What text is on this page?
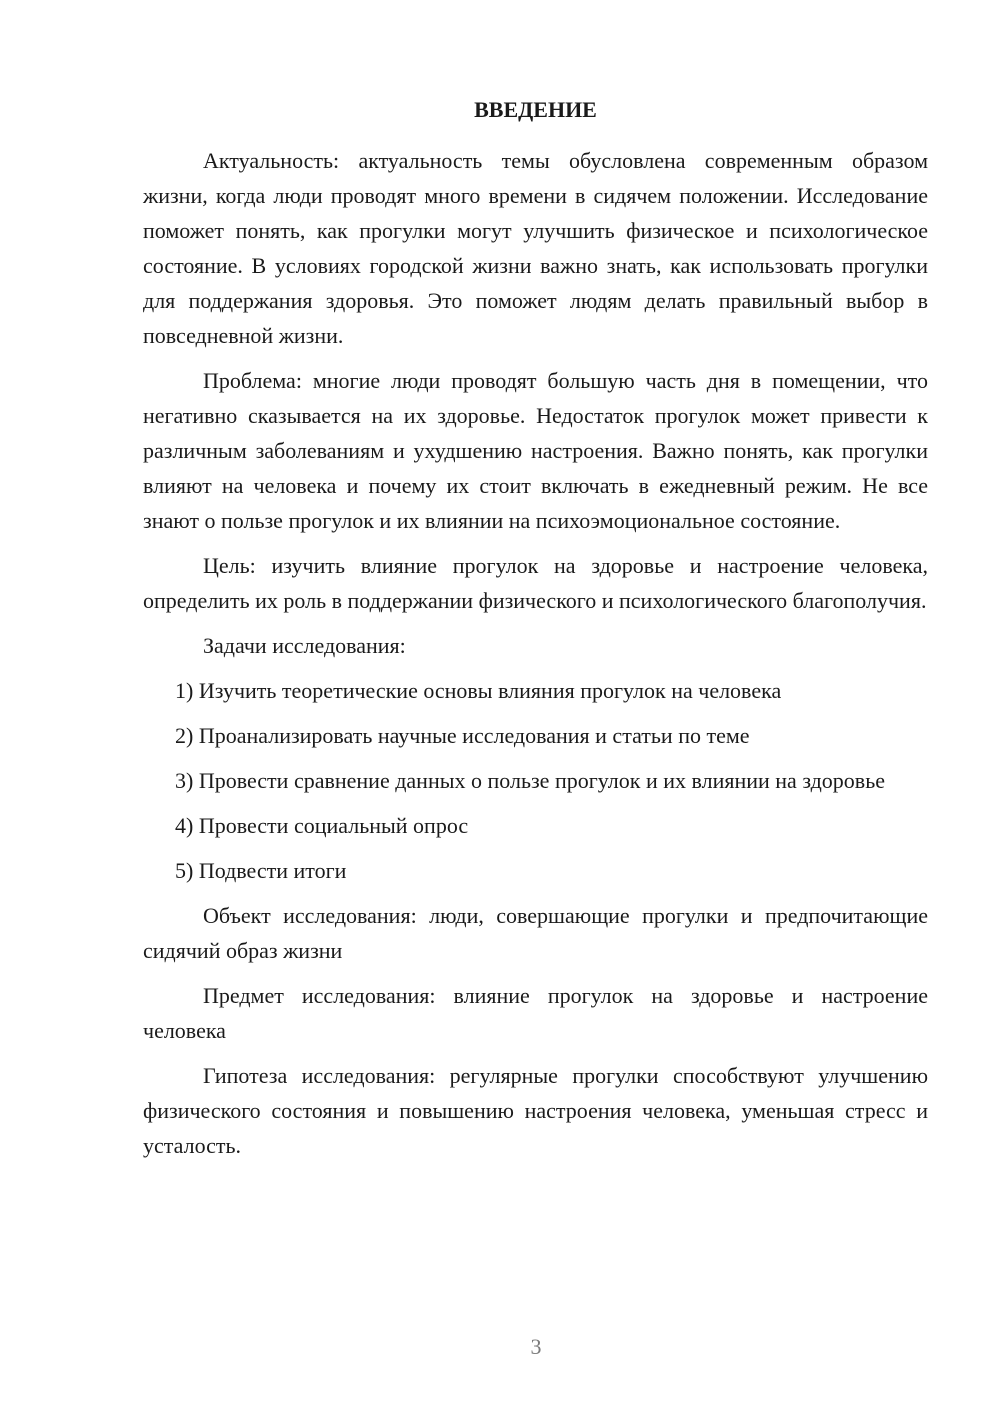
ВВЕДЕНИЕ

Актуальность: актуальность темы обусловлена современным образом жизни, когда люди проводят много времени в сидячем положении. Исследование поможет понять, как прогулки могут улучшить физическое и психологическое состояние. В условиях городской жизни важно знать, как использовать прогулки для поддержания здоровья. Это поможет людям делать правильный выбор в повседневной жизни.

Проблема: многие люди проводят большую часть дня в помещении, что негативно сказывается на их здоровье. Недостаток прогулок может привести к различным заболеваниям и ухудшению настроения. Важно понять, как прогулки влияют на человека и почему их стоит включать в ежедневный режим. Не все знают о пользе прогулок и их влиянии на психоэмоциональное состояние.

Цель: изучить влияние прогулок на здоровье и настроение человека, определить их роль в поддержании физического и психологического благополучия.

Задачи исследования:

1) Изучить теоретические основы влияния прогулок на человека
2) Проанализировать научные исследования и статьи по теме
3) Провести сравнение данных о пользе прогулок и их влиянии на здоровье
4) Провести социальный опрос
5) Подвести итоги

Объект исследования: люди, совершающие прогулки и предпочитающие сидячий образ жизни

Предмет исследования: влияние прогулок на здоровье и настроение человека

Гипотеза исследования: регулярные прогулки способствуют улучшению физического состояния и повышению настроения человека, уменьшая стресс и усталость.

3
